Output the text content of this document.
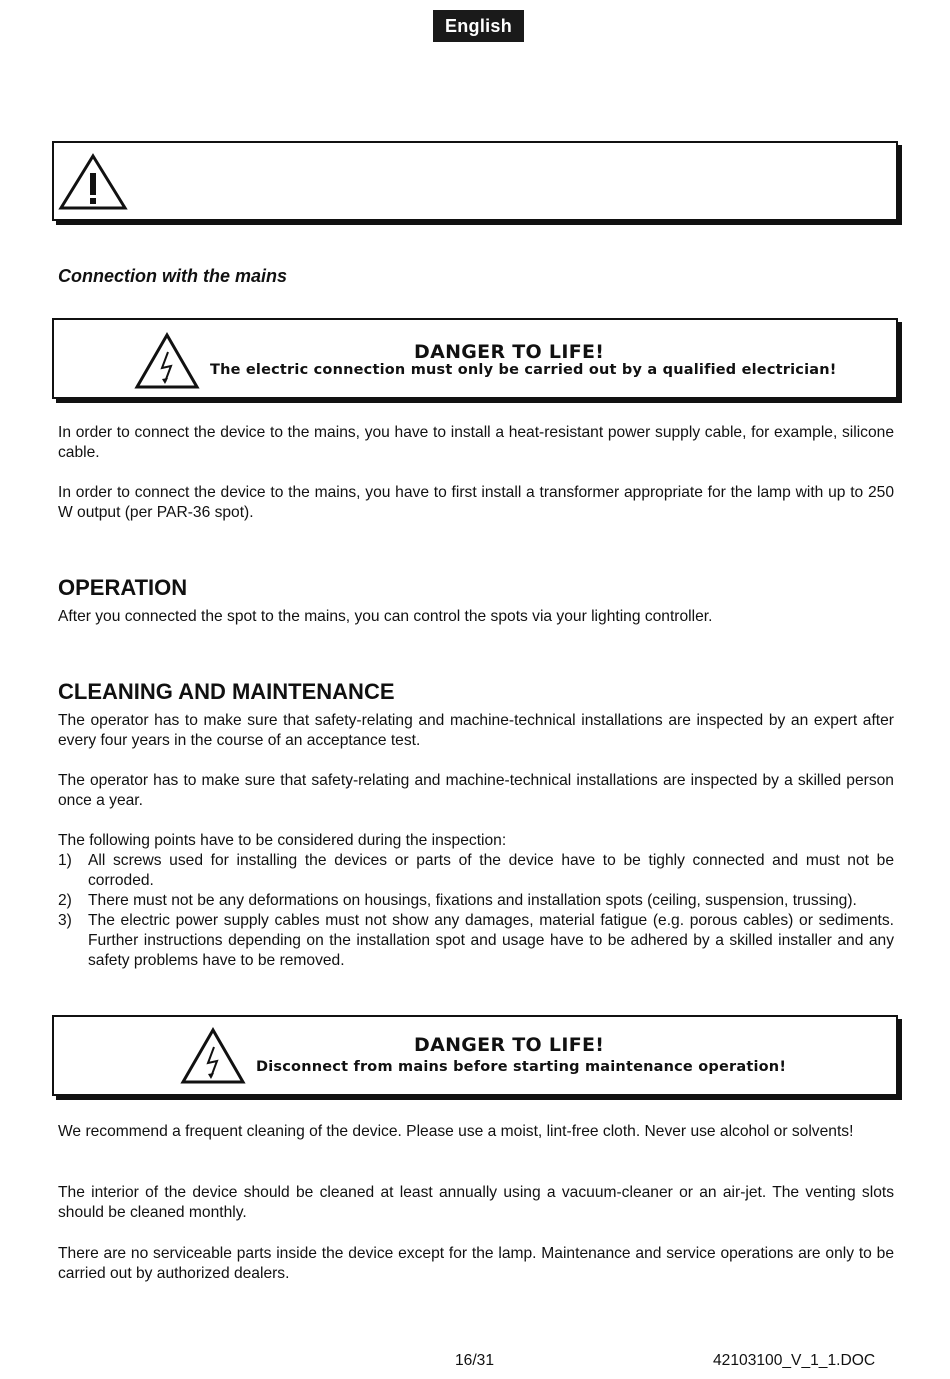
English
Connection with the mains
DANGER TO LIFE!
The electric connection must only be carried out by a qualified electrician!

In order to connect the device to the mains, you have to install a heat-resistant power supply cable, for example, silicone cable.

In order to connect the device to the mains, you have to first install a transformer appropriate for the lamp with up to 250 W output (per PAR-36 spot).

OPERATION

After you connected the spot to the mains, you can control the spots via your lighting controller.

CLEANING AND MAINTENANCE

The operator has to make sure that safety-relating and machine-technical installations are inspected by an expert after every four years in the course of an acceptance test.

The operator has to make sure that safety-relating and machine-technical installations are inspected by a skilled person once a year.

The following points have to be considered during the inspection:

1)	All screws used for installing the devices or parts of the device have to be tighly connected and must not be corroded.
2)	There must not be any deformations on housings, fixations and installation spots (ceiling, suspension, trussing).
3)	The electric power supply cables must not show any damages, material fatigue (e.g. porous cables) or sediments. Further instructions depending on the installation spot and usage have to be adhered by a skilled installer and any safety problems have to be removed.
DANGER TO LIFE!
Disconnect from mains before starting maintenance operation!

We recommend a frequent cleaning of the device. Please use a moist, lint-free cloth. Never use alcohol or solvents!

The interior of the device should be cleaned at least annually using a vacuum-cleaner or an air-jet. The venting slots should be cleaned monthly.

There are no serviceable parts inside the device except for the lamp. Maintenance and service operations are only to be carried out by authorized dealers.

16/31	42103100_V_1_1.DOC
